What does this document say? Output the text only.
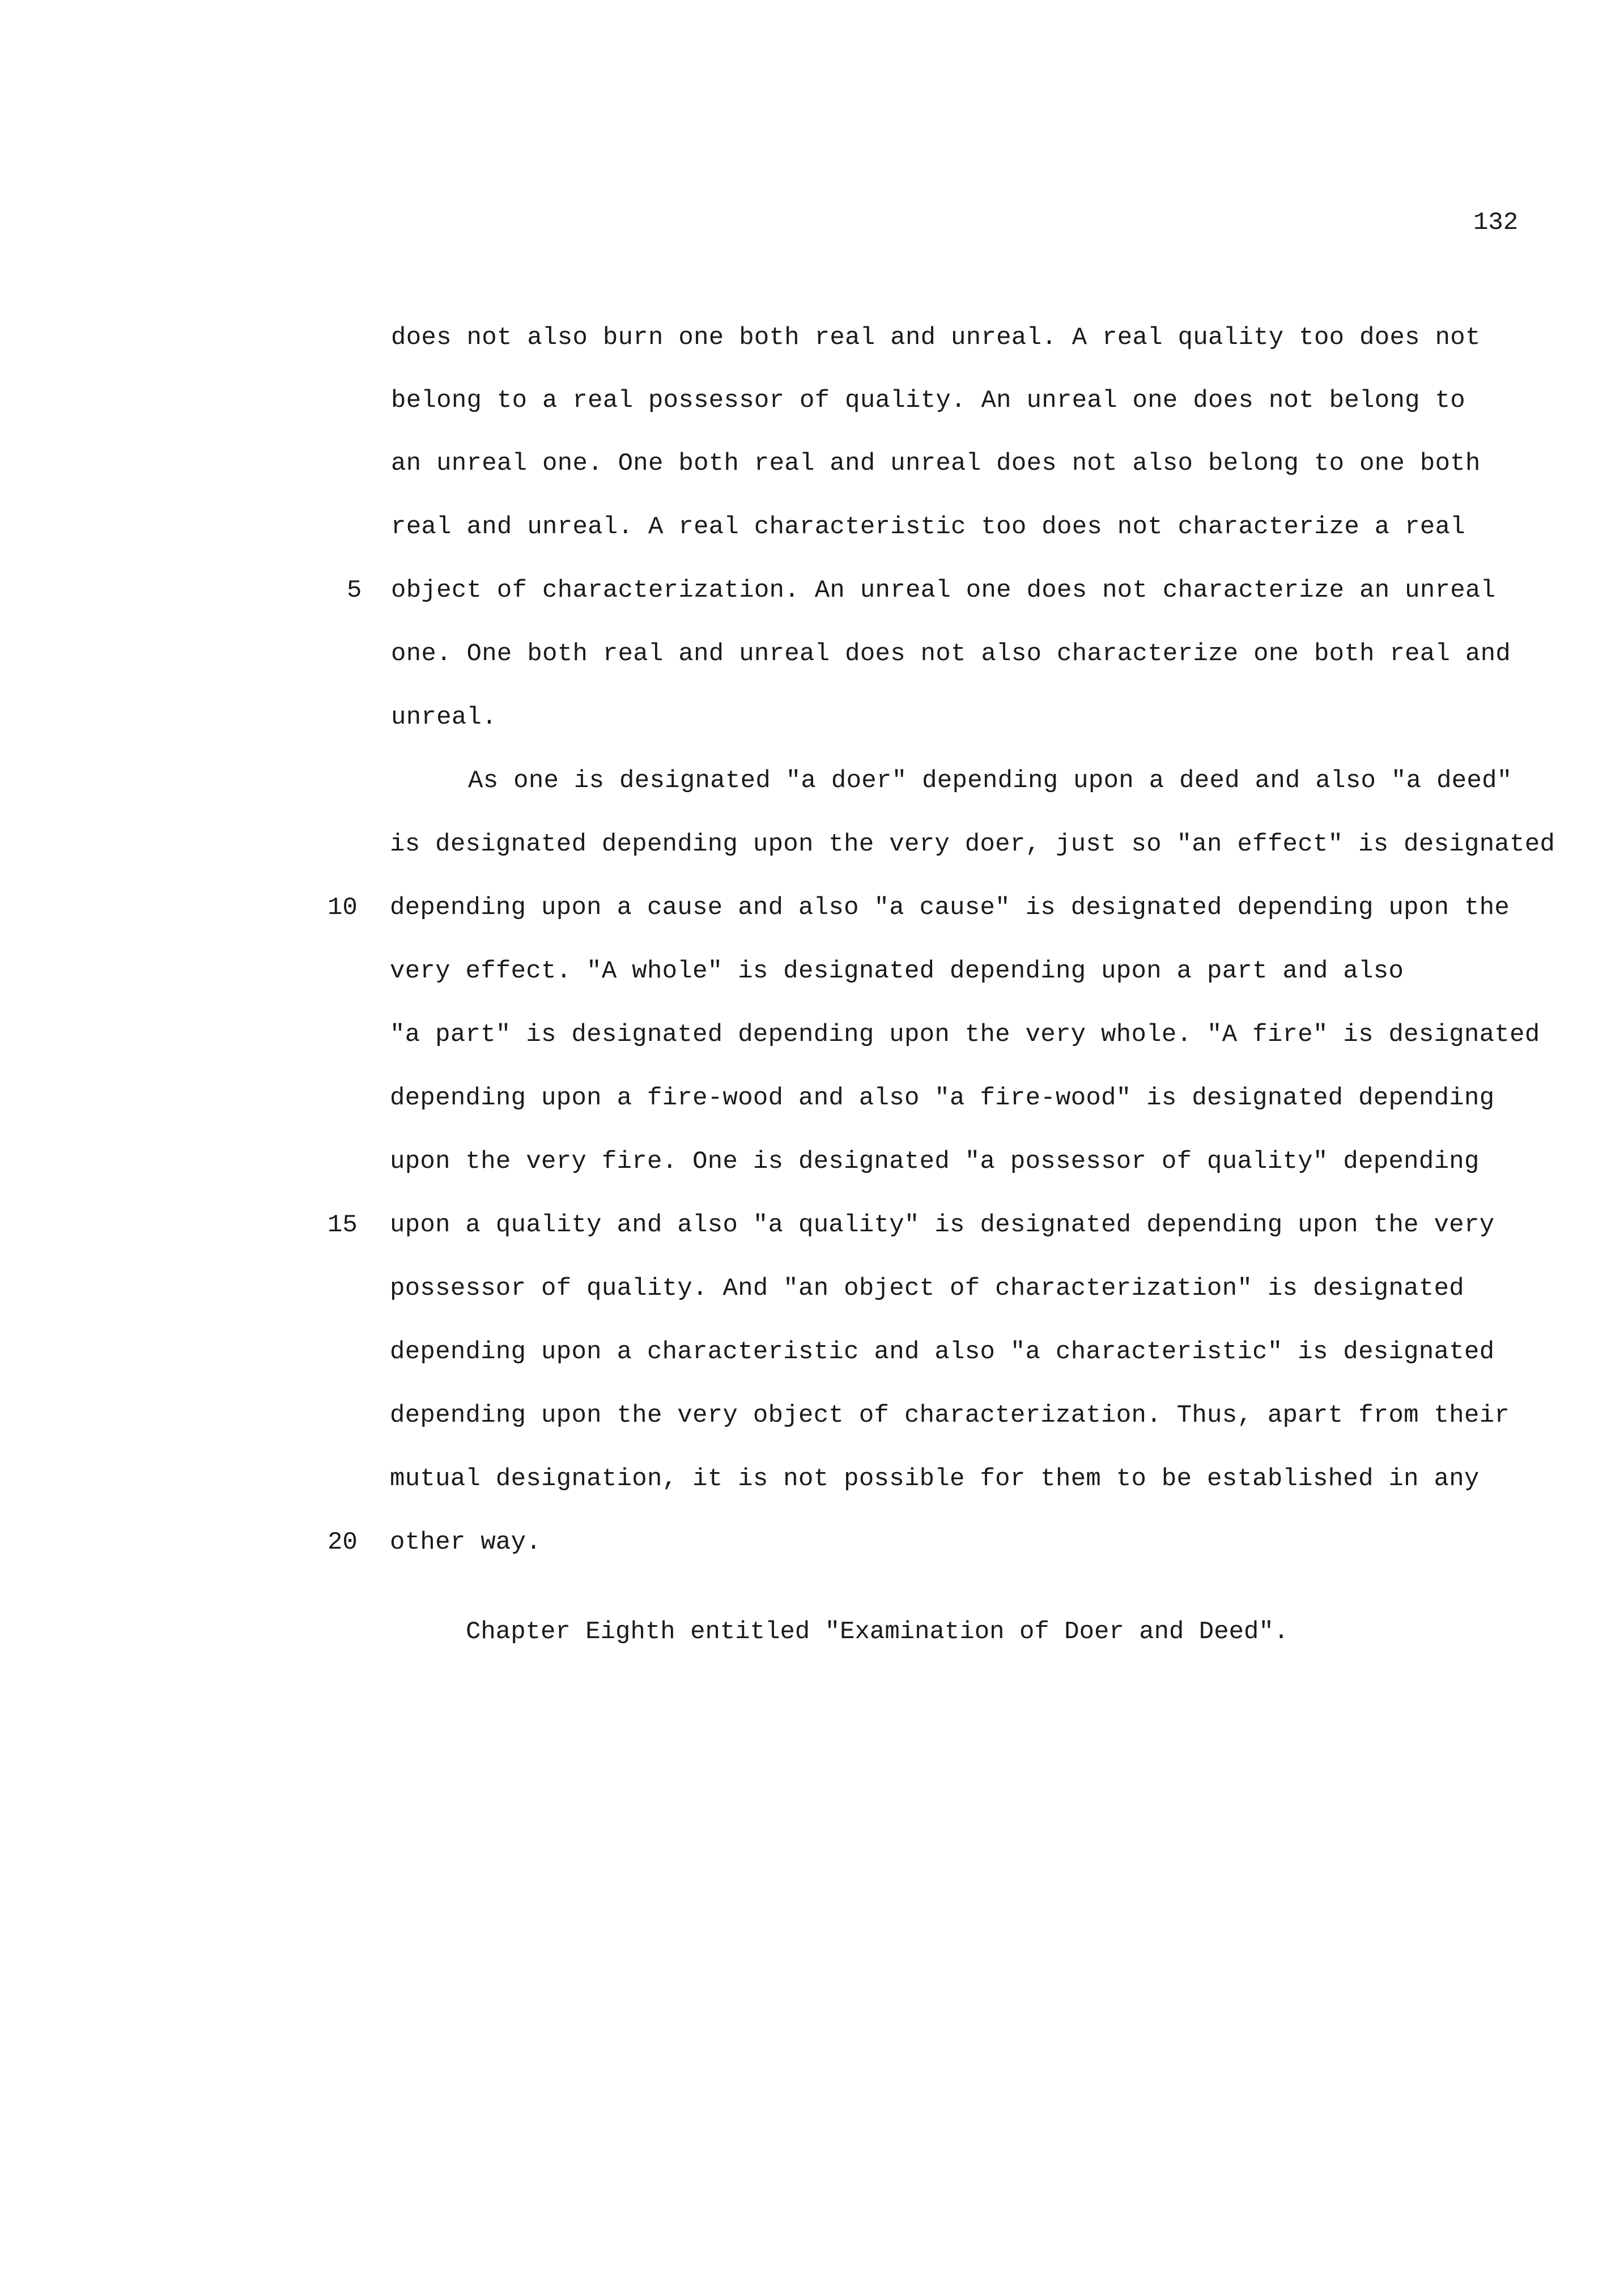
132
does not also burn one both real and unreal. A real quality too does not
belong to a real possessor of quality. An unreal one does not belong to
an unreal one. One both real and unreal does not also belong to one both
real and unreal. A real characteristic too does not characterize a real
object of characterization. An unreal one does not characterize an unreal
one. One both real and unreal does not also characterize one both real and
unreal.
As one is designated "a doer" depending upon a deed and also "a deed"
is designated depending upon the very doer, just so "an effect" is designated
depending upon a cause and also "a cause" is designated depending upon the
very effect. "A whole" is designated depending upon a part and also
"a part" is designated depending upon the very whole. "A fire" is designated
depending upon a fire-wood and also "a fire-wood" is designated depending
upon the very fire. One is designated "a possessor of quality" depending
upon a quality and also "a quality" is designated depending upon the very
possessor of quality. And "an object of characterization" is designated
depending upon a characteristic and also "a characteristic" is designated
depending upon the very object of characterization. Thus, apart from their
mutual designation, it is not possible for them to be established in any
other way.
5
10
15
20
Chapter Eighth entitled "Examination of Doer and Deed".
